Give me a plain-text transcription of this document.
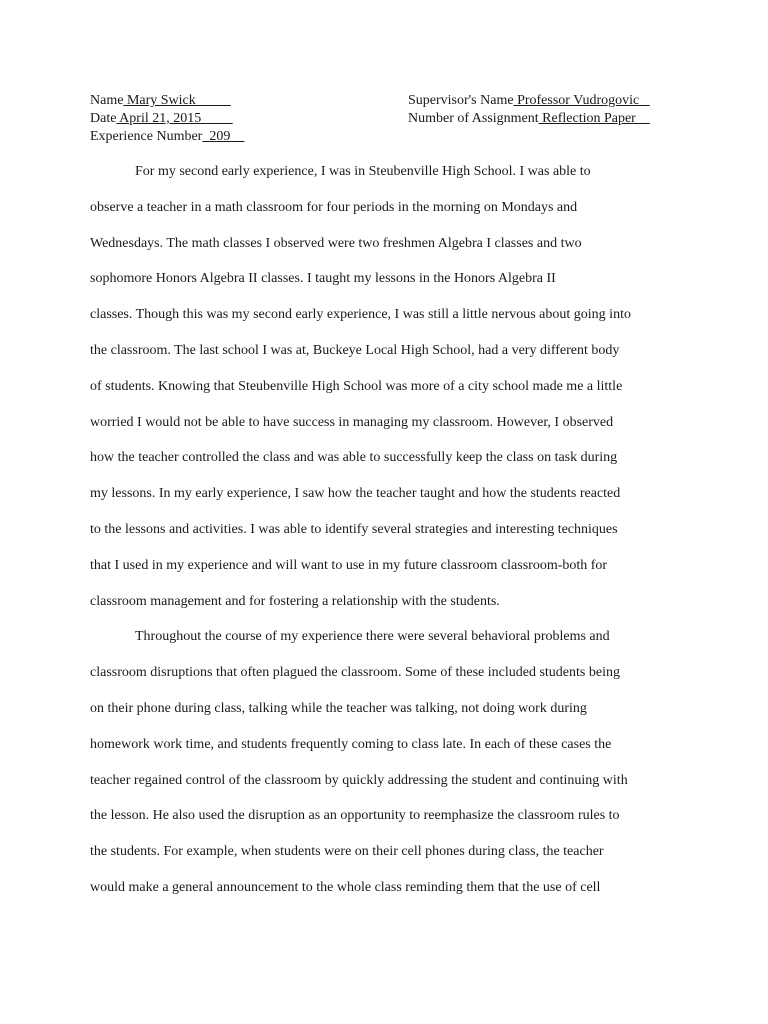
Name Mary Swick	Supervisor's Name Professor Vudrogovic
Date April 21, 2015	Number of Assignment Reflection Paper
Experience Number  209
For my second early experience, I was in Steubenville High School. I was able to
observe a teacher in a math classroom for four periods in the morning on Mondays and
Wednesdays. The math classes I observed were two freshmen Algebra I classes and two
sophomore Honors Algebra II classes. I taught my lessons in the Honors Algebra II
classes. Though this was my second early experience, I was still a little nervous about going into
the classroom. The last school I was at, Buckeye Local High School, had a very different body
of students. Knowing that Steubenville High School was more of a city school made me a little
worried I would not be able to have success in managing my classroom. However, I observed
how the teacher controlled the class and was able to successfully keep the class on task during
my lessons. In my early experience, I saw how the teacher taught and how the students reacted
to the lessons and activities. I was able to identify several strategies and interesting techniques
that I used in my experience and will want to use in my future classroom classroom-both for
classroom management and for fostering a relationship with the students.
Throughout the course of my experience there were several behavioral problems and
classroom disruptions that often plagued the classroom. Some of these included students being
on their phone during class, talking while the teacher was talking, not doing work during
homework work time, and students frequently coming to class late. In each of these cases the
teacher regained control of the classroom by quickly addressing the student and continuing with
the lesson. He also used the disruption as an opportunity to reemphasize the classroom rules to
the students. For example, when students were on their cell phones during class, the teacher
would make a general announcement to the whole class reminding them that the use of cell
